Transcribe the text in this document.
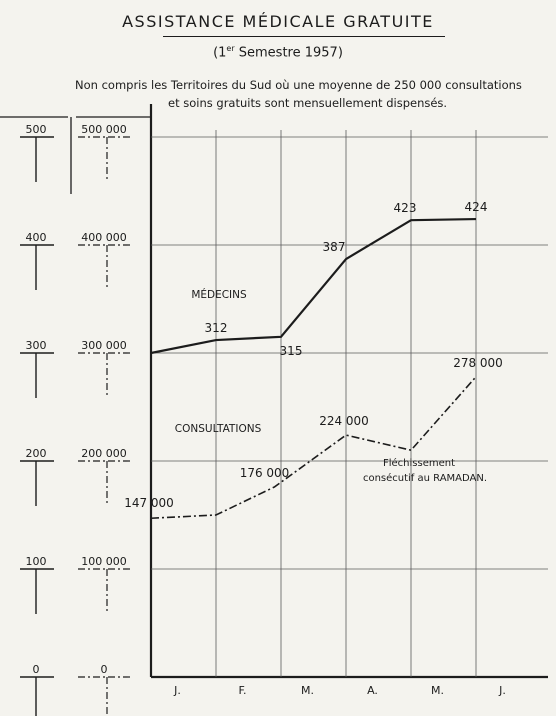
ASSISTANCE MÉDICALE GRATUITE
(1er Semestre 1957)
Non compris les Territoires du Sud où une moyenne de 250 000 consultations
et soins gratuits sont mensuellement dispensés.
0	0
100	100 000
200	200 000
300	300 000
400	400 000
500	500 000
J.	F.	M.	A.	M.	J.
312
315
387
423	424
147 000
176 000
224 000
278 000
MÉDECINS
CONSULTATIONS
Fléchissement
consécutif au RAMADAN.
